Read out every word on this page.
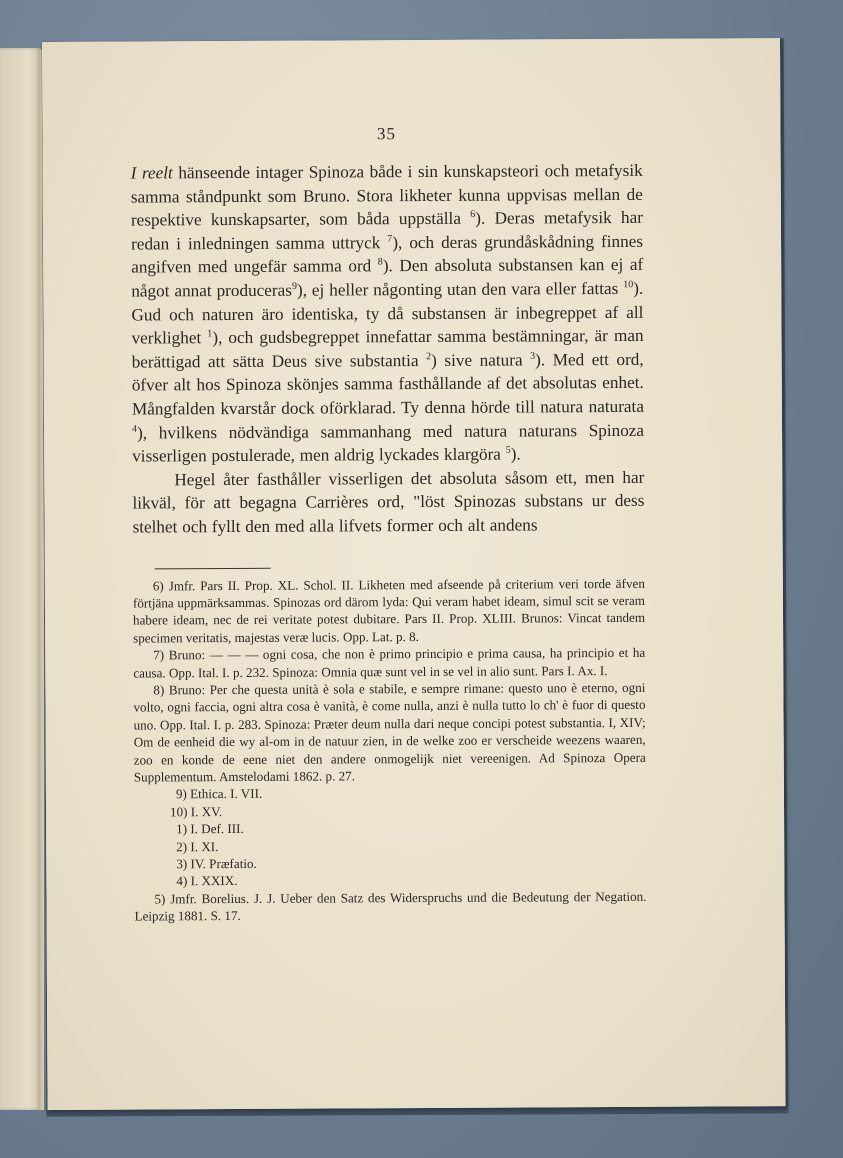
35

I reelt hänseende intager Spinoza både i sin kunskapsteori och metafysik samma ståndpunkt som Bruno. Stora likheter kunna uppvisas mellan de respektive kunskapsarter, som båda uppställa $^6$). Deras metafysik har redan i inledningen samma uttryck $^7$), och deras grundåskådning finnes angifven med ungefär samma ord $^8$). Den absoluta substansen kan ej af något annat produceras$^9$), ej heller någonting utan den vara eller fattas $^{10}$). Gud och naturen äro identiska, ty då substansen är inbegreppet af all verklighet $^1$), och gudsbegreppet innefattar samma bestämningar, är man berättigad att sätta Deus sive substantia $^2$) sive natura $^3$). Med ett ord, öfver alt hos Spinoza skönjes samma fasthållande af det absolutas enhet. Mångfalden kvarstår dock oförklarad. Ty denna hörde till natura naturata $^4$), hvilkens nödvändiga sammanhang med natura naturans Spinoza visserligen postulerade, men aldrig lyckades klargöra $^5$).

Hegel åter fasthåller visserligen det absoluta såsom ett, men har likväl, för att begagna Carrières ord, "löst Spinozas substans ur dess stelhet och fyllt den med alla lifvets former och alt andens

6) Jmfr. Pars II. Prop. XL. Schol. II. Likheten med afseende på criterium veri torde äfven förtjäna uppmärksammas. Spinozas ord därom lyda: Qui veram habet ideam, simul scit se veram habere ideam, nec de rei veritate potest dubitare. Pars II. Prop. XLIII. Brunos: Vincat tandem specimen veritatis, majestas veræ lucis. Opp. Lat. p. 8.

7) Bruno: — — — ogni cosa, che non è primo principio e prima causa, ha principio et ha causa. Opp. Ital. I. p. 232. Spinoza: Omnia quæ sunt vel in se vel in alio sunt. Pars I. Ax. I.

8) Bruno: Per che questa unità è sola e stabile, e sempre rimane: questo uno è eterno, ogni volto, ogni faccia, ogni altra cosa è vanità, è come nulla, anzi è nulla tutto lo ch' è fuor di questo uno. Opp. Ital. I. p. 283. Spinoza: Præter deum nulla dari neque concipi potest substantia. I, XIV; Om de eenheid die wy al-om in de natuur zien, in de welke zoo er verscheide weezens waaren, zoo en konde de eene niet den andere onmogelijk niet vereenigen. Ad Spinoza Opera Supplementum. Amstelodami 1862. p. 27.

9) Ethica. I. VII.

10) I. XV.

1) I. Def. III.

2) I. XI.

3) IV. Præfatio.

4) I. XXIX.

5) Jmfr. Borelius. J. J. Ueber den Satz des Widerspruchs und die Bedeutung der Negation. Leipzig 1881. S. 17.
